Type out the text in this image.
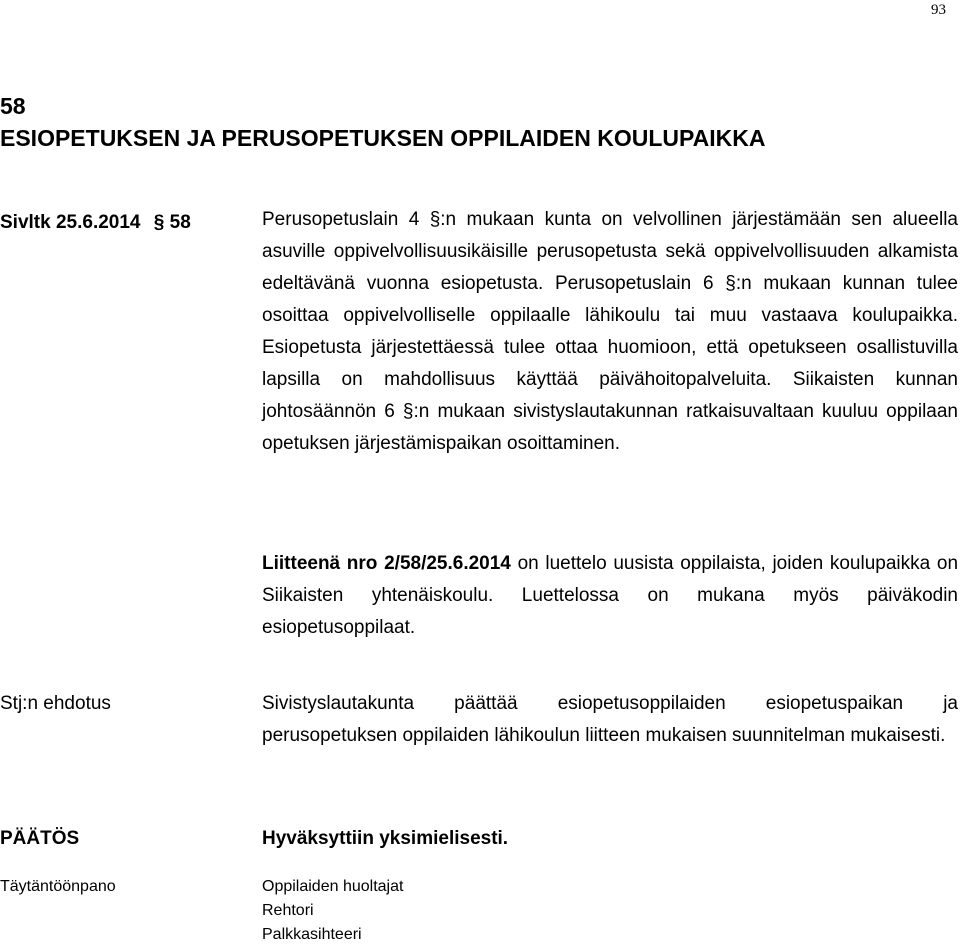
93
58
ESIOPETUKSEN JA PERUSOPETUKSEN OPPILAIDEN KOULUPAIKKA
Sivltk 25.6.2014 § 58	Perusopetuslain 4 §:n mukaan kunta on velvollinen järjestämään sen alueella asuville oppivelvollisuusikäisille perusopetusta sekä oppivelvollisuuden alkamista edeltävänä vuonna esiopetusta. Perusopetuslain 6 §:n mukaan kunnan tulee osoittaa oppivelvolliselle oppilaalle lähikoulu tai muu vastaava koulupaikka. Esiopetusta järjestettäessä tulee ottaa huomioon, että opetukseen osallistuvilla lapsilla on mahdollisuus käyttää päivähoitopalveluita. Siikaisten kunnan johtosäännön 6 §:n mukaan sivistyslautakunnan ratkaisuvaltaan kuuluu oppilaan opetuksen järjestämispaikan osoittaminen.
Liitteenä nro 2/58/25.6.2014 on luettelo uusista oppilaista, joiden koulupaikka on Siikaisten yhtenäiskoulu. Luettelossa on mukana myös päiväkodin esiopetusoppilaat.
Stj:n ehdotus	Sivistyslautakunta päättää esiopetusoppilaiden esiopetuspaikan ja perusopetuksen oppilaiden lähikoulun liitteen mukaisen suunnitelman mukaisesti.
PÄÄTÖS	Hyväksyttiin yksimielisesti.
Täytäntöönpano	Oppilaiden huoltajat
Rehtori
Palkkasihteeri
